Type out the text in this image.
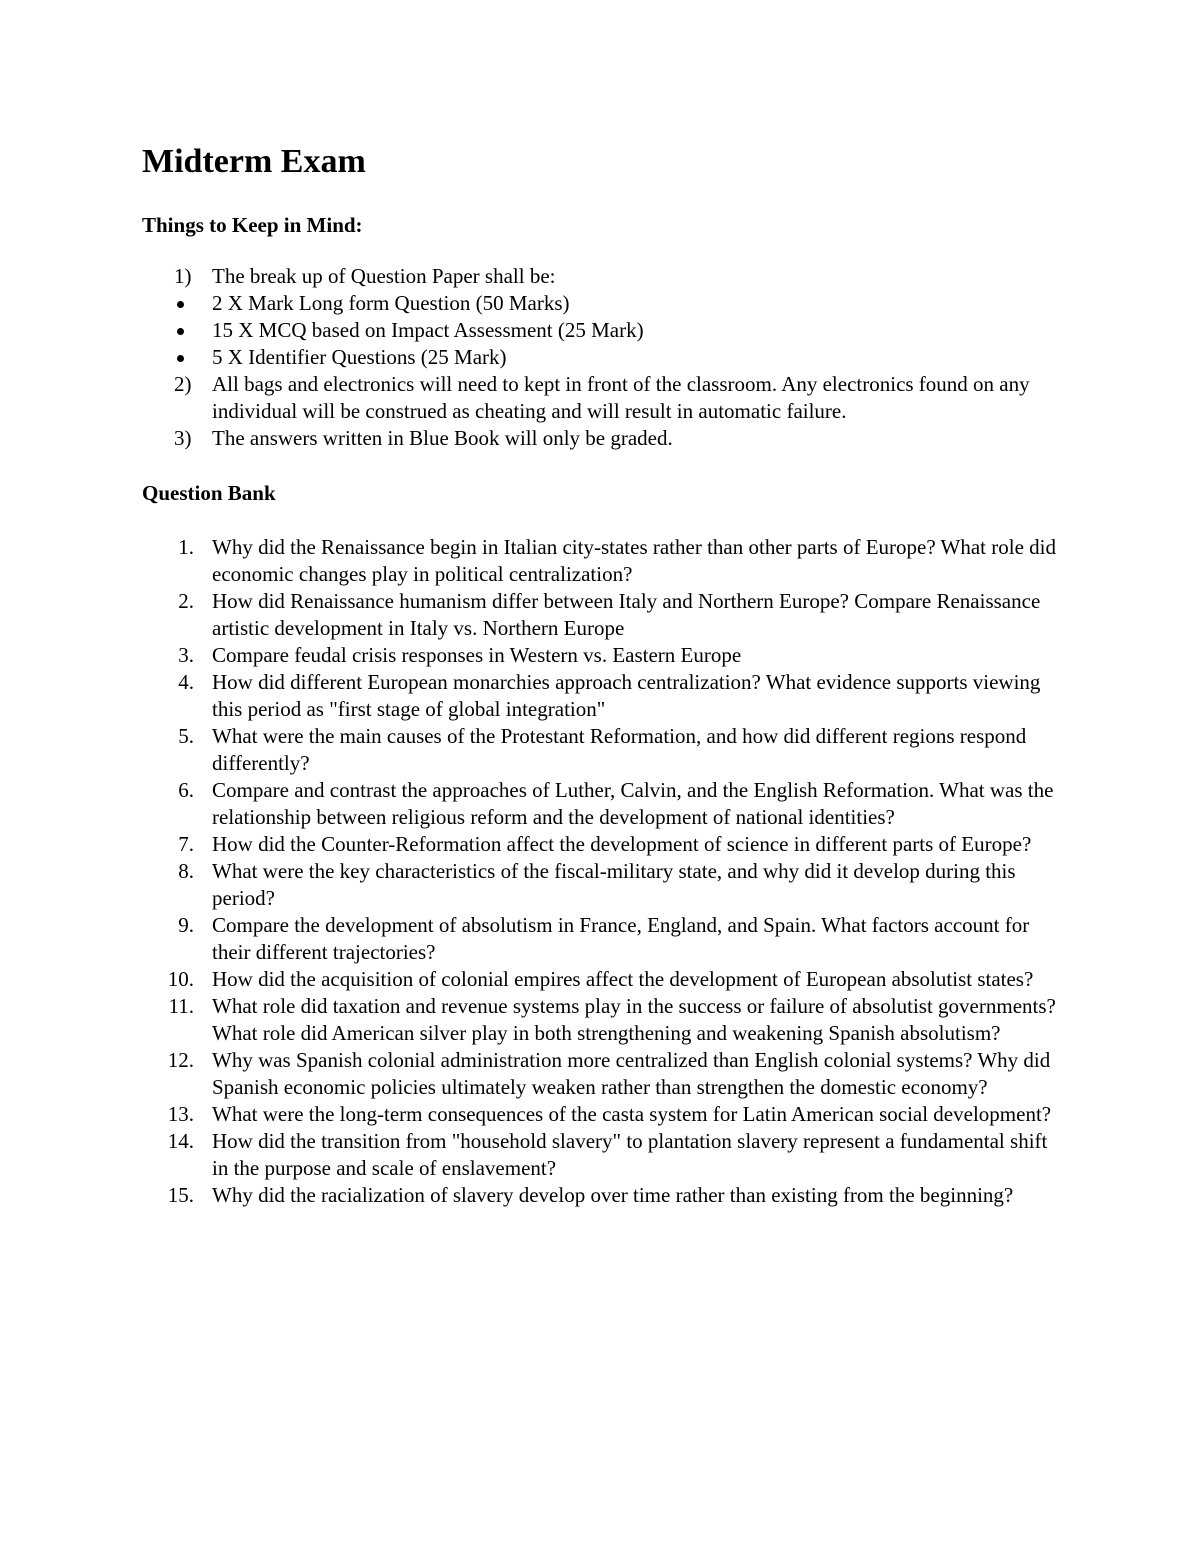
Midterm Exam
Things to Keep in Mind:
1) The break up of Question Paper shall be:
2 X Mark Long form Question (50 Marks)
15 X MCQ based on Impact Assessment (25 Mark)
5 X Identifier Questions (25 Mark)
2) All bags and electronics will need to kept in front of the classroom. Any electronics found on any individual will be construed as cheating and will result in automatic failure.
3) The answers written in Blue Book will only be graded.
Question Bank
1. Why did the Renaissance begin in Italian city-states rather than other parts of Europe? What role did economic changes play in political centralization?
2. How did Renaissance humanism differ between Italy and Northern Europe? Compare Renaissance artistic development in Italy vs. Northern Europe
3. Compare feudal crisis responses in Western vs. Eastern Europe
4. How did different European monarchies approach centralization? What evidence supports viewing this period as "first stage of global integration"
5. What were the main causes of the Protestant Reformation, and how did different regions respond differently?
6. Compare and contrast the approaches of Luther, Calvin, and the English Reformation. What was the relationship between religious reform and the development of national identities?
7. How did the Counter-Reformation affect the development of science in different parts of Europe?
8. What were the key characteristics of the fiscal-military state, and why did it develop during this period?
9. Compare the development of absolutism in France, England, and Spain. What factors account for their different trajectories?
10. How did the acquisition of colonial empires affect the development of European absolutist states?
11. What role did taxation and revenue systems play in the success or failure of absolutist governments? What role did American silver play in both strengthening and weakening Spanish absolutism?
12. Why was Spanish colonial administration more centralized than English colonial systems? Why did Spanish economic policies ultimately weaken rather than strengthen the domestic economy?
13. What were the long-term consequences of the casta system for Latin American social development?
14. How did the transition from "household slavery" to plantation slavery represent a fundamental shift in the purpose and scale of enslavement?
15. Why did the racialization of slavery develop over time rather than existing from the beginning?
